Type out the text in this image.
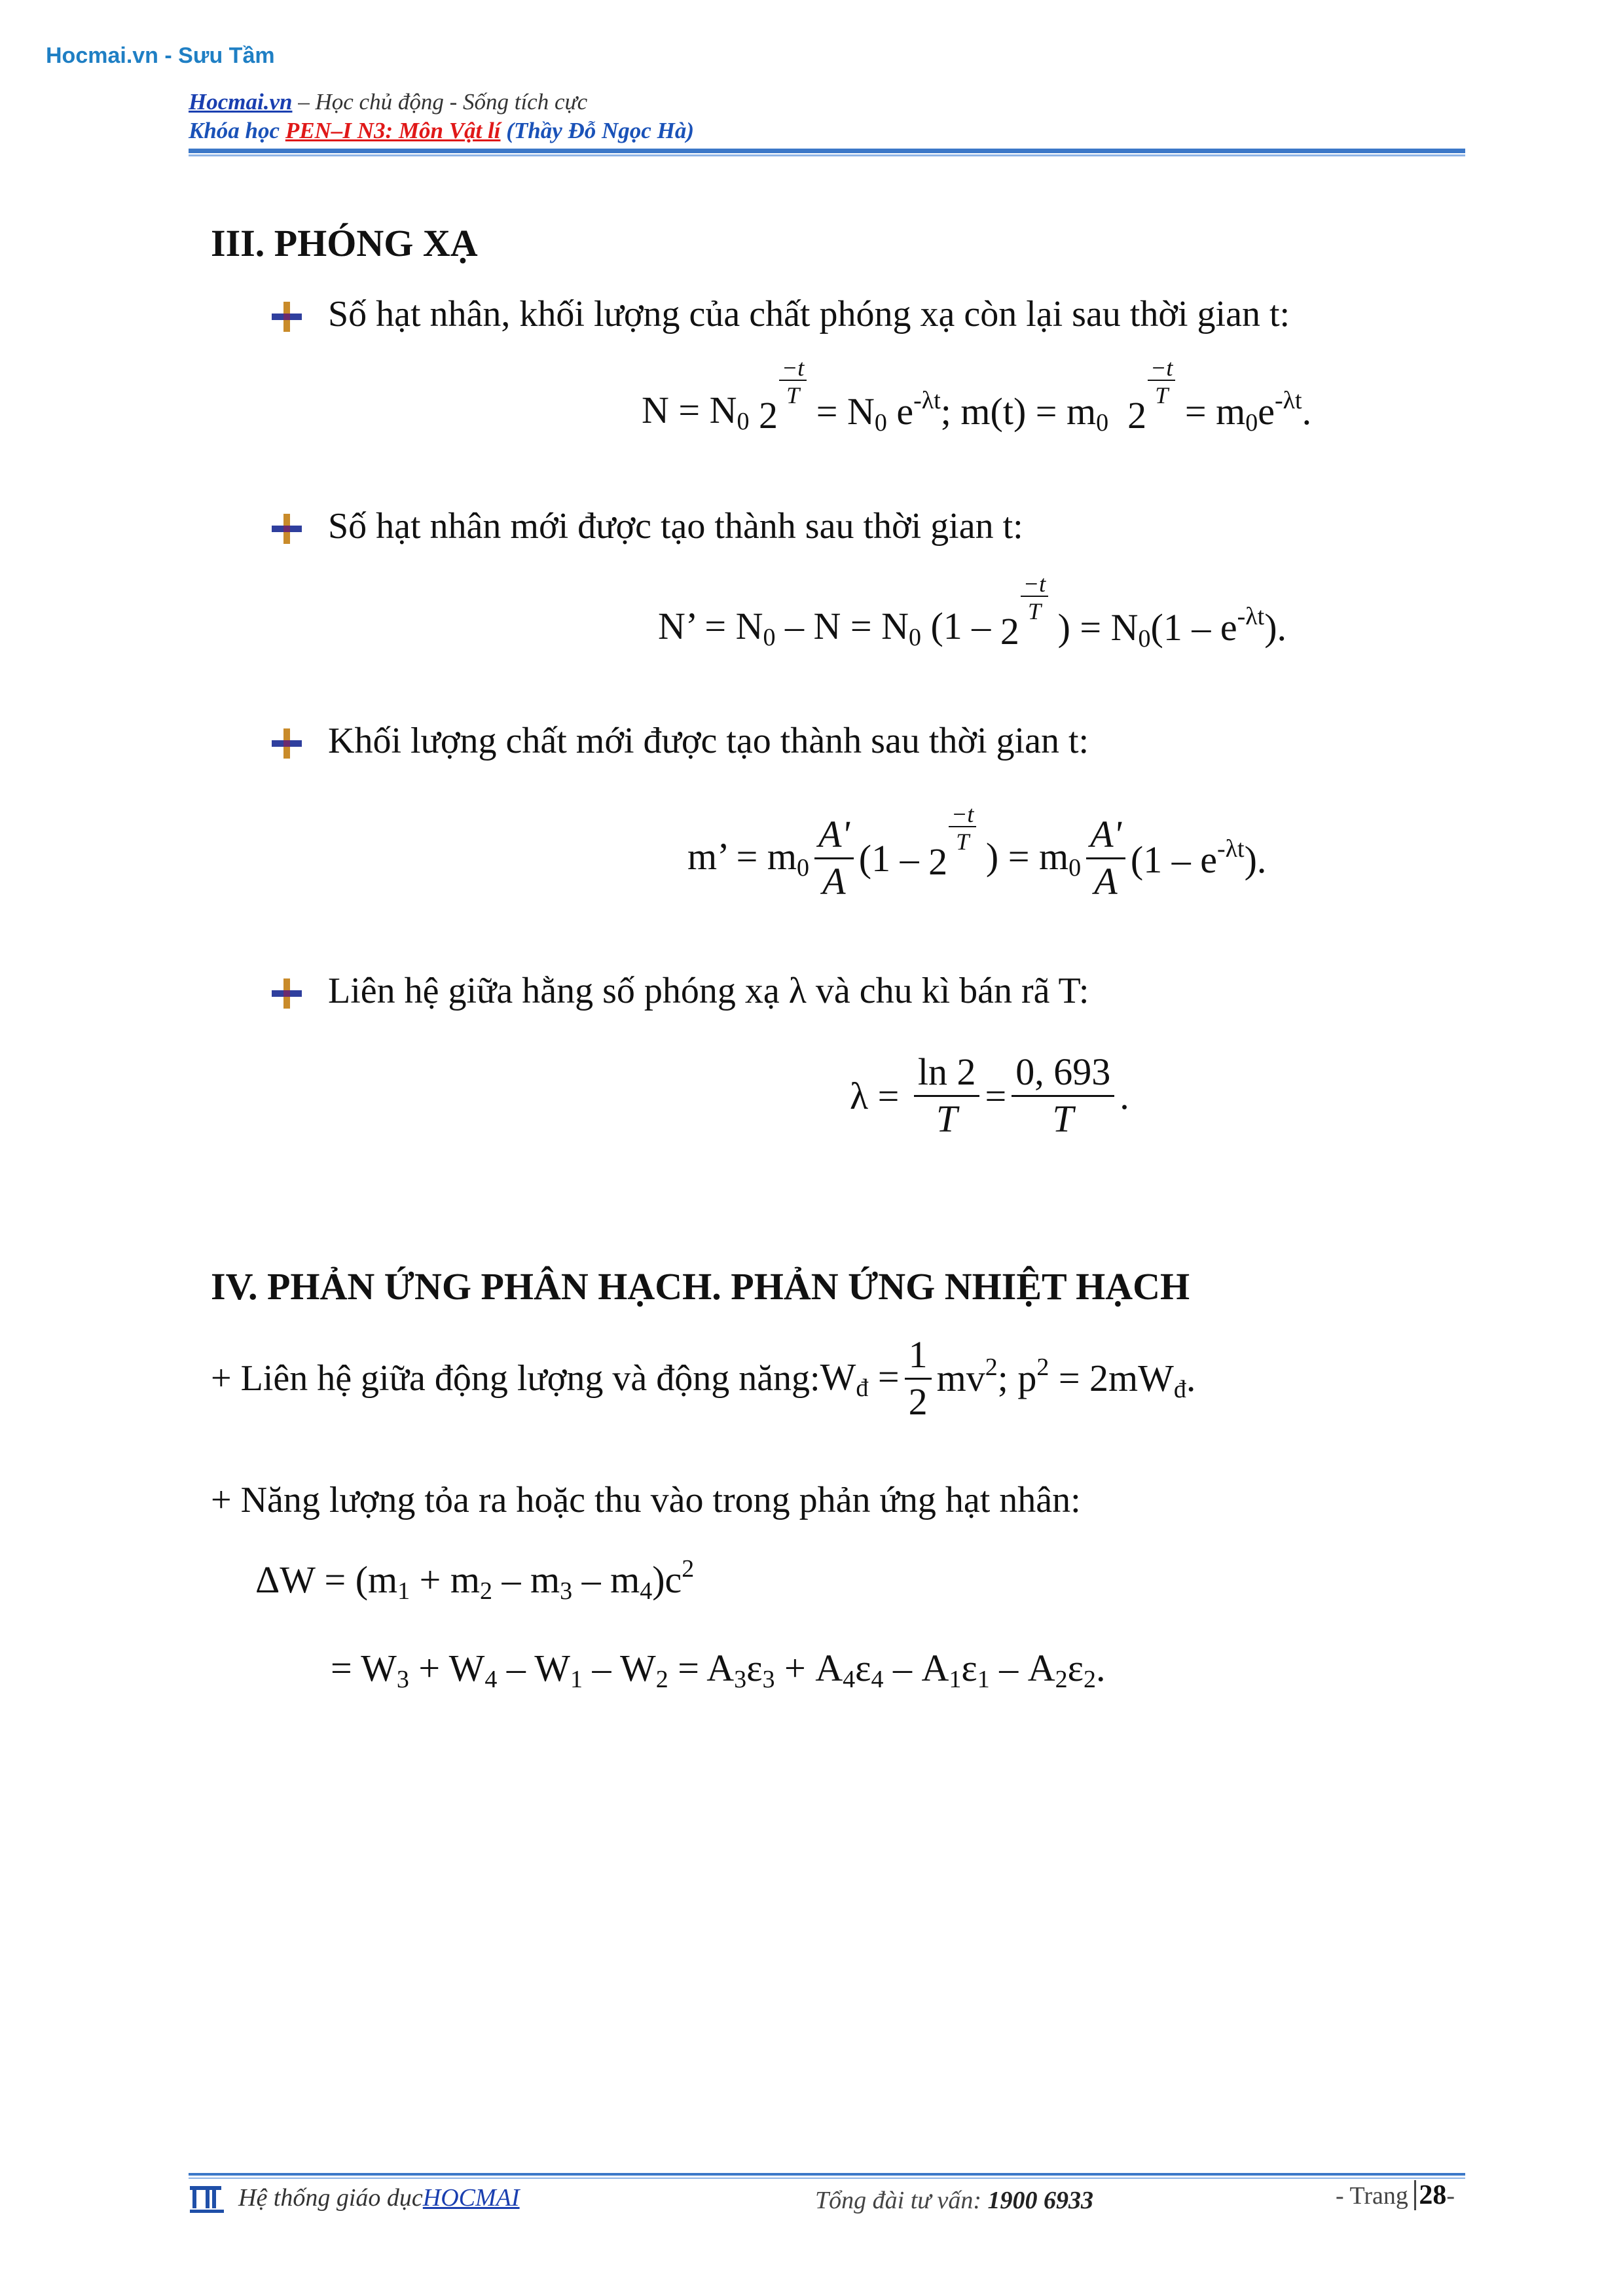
Hocmai.vn - Sưu Tầm
Hocmai.vn – Học chủ động - Sống tích cực
Khóa học PEN–I N3: Môn Vật lí (Thầy Đỗ Ngọc Hà)
III. PHÓNG XẠ
Số hạt nhân, khối lượng của chất phóng xạ còn lại sau thời gian t:
$N = N_0$ 2
$\frac{-t}{T}$
= $N_0$ $e^{-\lambda t}$; $m(t) = m_0$ 2
$\frac{-t}{T}$
= $m_0e^{-\lambda t}$.
Số hạt nhân mới được tạo thành sau thời gian t:
N’ = $N_0 - N = N_0$ (1 – 2
$\frac{-t}{T}$
) = $N_0(1 - e^{-\lambda t})$.
Khối lượng chất mới được tạo thành sau thời gian t:
m’ = $m_0 \frac{A'}{A} (1 - 2$
$\frac{-t}{T}$
) = $m_0 \frac{A'}{A} (1 - e^{-\lambda t})$.
Liên hệ giữa hằng số phóng xạ λ và chu kì bán rã T:
$\lambda = \frac{\ln 2}{T} = \frac{0, 693}{T}$ .
IV. PHẢN ỨNG PHÂN HẠCH. PHẢN ỨNG NHIỆT HẠCH
+ Liên hệ giữa động lượng và động năng: $W_đ = \frac{1}{2} mv^2$; $p^2 = 2mW_đ$.
+ Năng lượng tỏa ra hoặc thu vào trong phản ứng hạt nhân:
$\Delta W = (m_1 + m_2 - m_3 - m_4)c^2$
= $W_3 + W_4 - W_1 - W_2 = A_3\varepsilon_3 + A_4\varepsilon_4 - A_1\varepsilon_1 - A_2\varepsilon_2$.
Hệ thống giáo dục HOCMAI	Tổng đài tư vấn: 1900 6933	- Trang 28-
